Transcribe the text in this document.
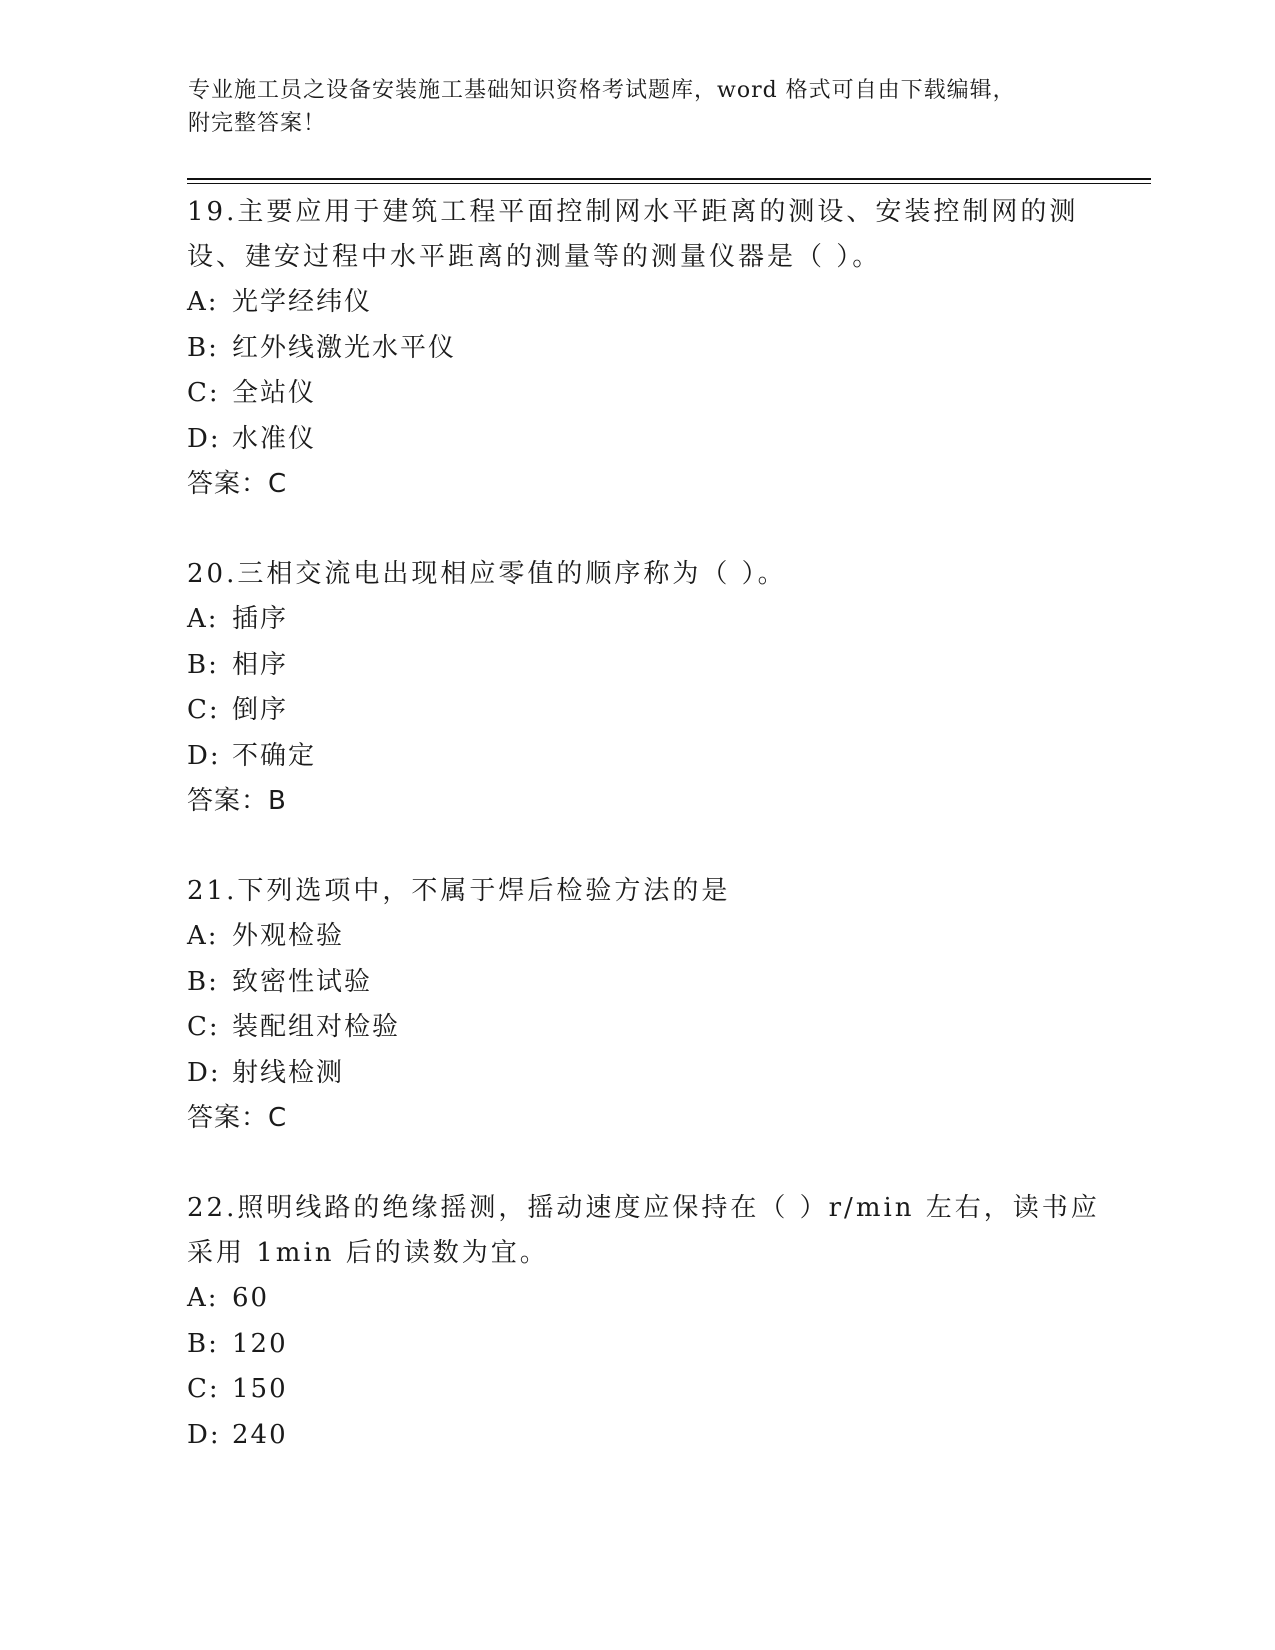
专业施工员之设备安装施工基础知识资格考试题库，word 格式可自由下载编辑，
附完整答案！
19.主要应用于建筑工程平面控制网水平距离的测设、安装控制网的测
设、建安过程中水平距离的测量等的测量仪器是（ ）。
A: 光学经纬仪
B: 红外线激光水平仪
C: 全站仪
D: 水准仪
答案：C
20.三相交流电出现相应零值的顺序称为（ ）。
A: 插序
B: 相序
C: 倒序
D: 不确定
答案：B
21.下列选项中，不属于焊后检验方法的是
A: 外观检验
B: 致密性试验
C: 装配组对检验
D: 射线检测
答案：C
22.照明线路的绝缘摇测，摇动速度应保持在（ ）r/min 左右，读书应
采用 1min 后的读数为宜。
A: 60
B: 120
C: 150
D: 240
